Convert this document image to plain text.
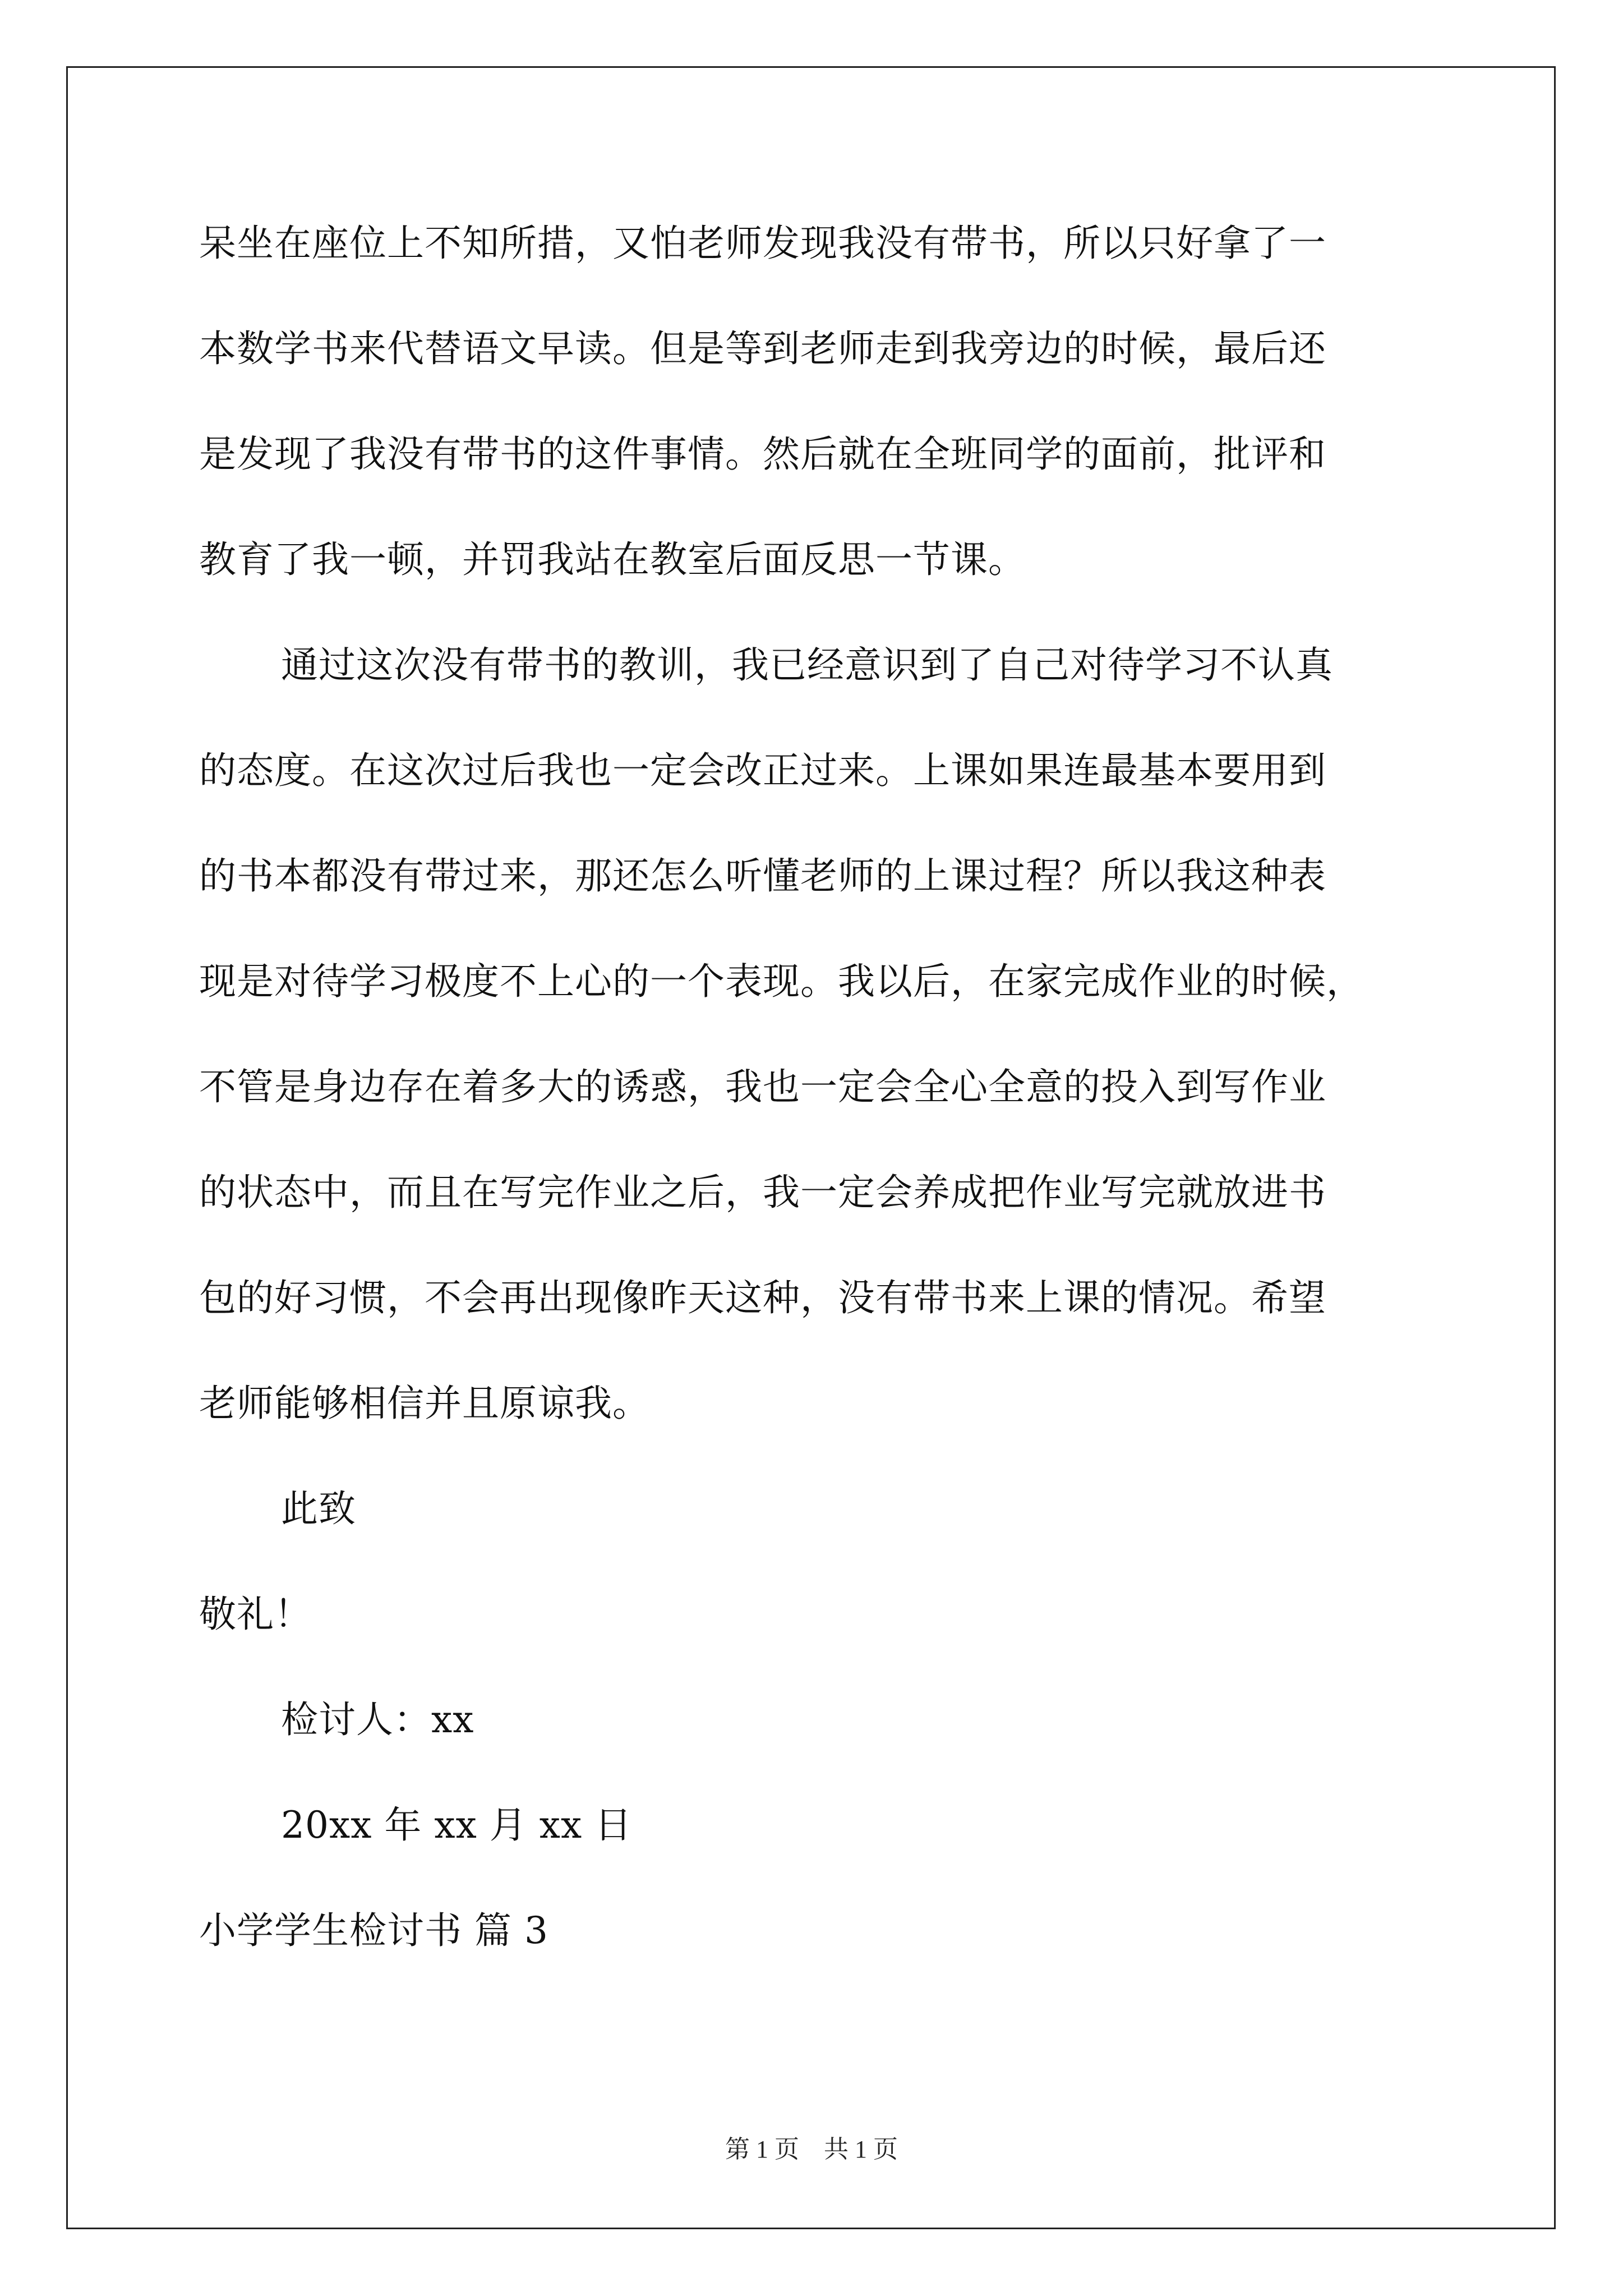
呆坐在座位上不知所措，又怕老师发现我没有带书，所以只好拿了一
本数学书来代替语文早读。但是等到老师走到我旁边的时候，最后还
是发现了我没有带书的这件事情。然后就在全班同学的面前，批评和
教育了我一顿，并罚我站在教室后面反思一节课。
通过这次没有带书的教训，我已经意识到了自己对待学习不认真
的态度。在这次过后我也一定会改正过来。上课如果连最基本要用到
的书本都没有带过来，那还怎么听懂老师的上课过程？所以我这种表
现是对待学习极度不上心的一个表现。我以后，在家完成作业的时候，
不管是身边存在着多大的诱惑，我也一定会全心全意的投入到写作业
的状态中，而且在写完作业之后，我一定会养成把作业写完就放进书
包的好习惯，不会再出现像昨天这种，没有带书来上课的情况。希望
老师能够相信并且原谅我。
此致
敬礼！
检讨人：xx
20xx 年 xx 月 xx 日
小学学生检讨书 篇 3
第 1 页　共 1 页
